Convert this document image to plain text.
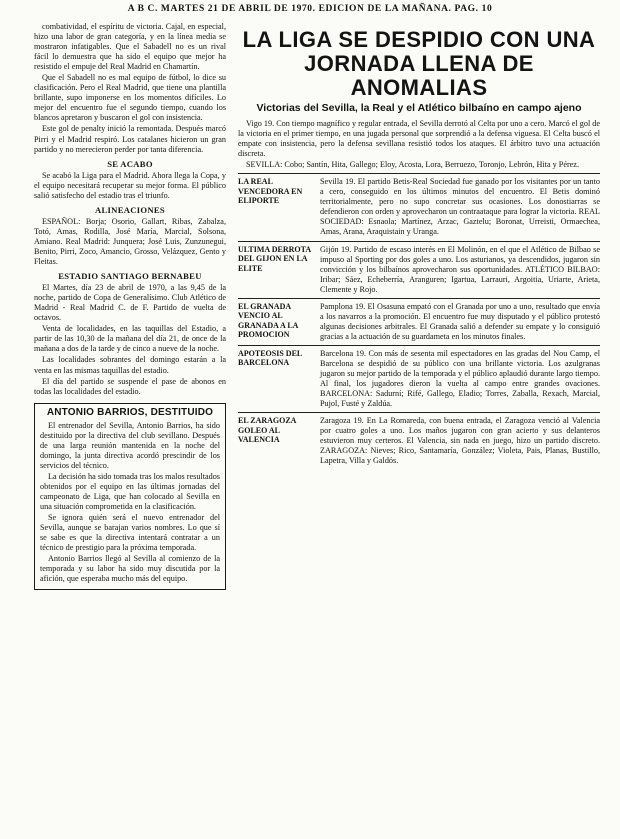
A B C. MARTES 21 DE ABRIL DE 1970. EDICION DE LA MAÑANA. PAG. 10

combatividad, el espíritu de victoria. Cajal, en especial, hizo una labor de gran categoría, y en la línea media se mostraron infatigables. Que el Sabadell no es un rival fácil lo demuestra que ha sido el equipo que mejor ha resistido el empuje del Real Madrid en Chamartín.

Que el Sabadell no es mal equipo de fútbol, lo dice su clasificación. Pero el Real Madrid, que tiene una plantilla brillante, supo imponerse en los momentos difíciles. Lo mejor del encuentro fue el segundo tiempo, cuando los blancos apretaron y buscaron el gol con insistencia.

Este gol de penalty inició la remontada. Después marcó Pirri y el Madrid respiró. Los catalanes hicieron un gran partido y no merecieron perder por tanta diferencia.

SE ACABO

Se acabó la Liga para el Madrid. Ahora llega la Copa, y el equipo necesitará recuperar su mejor forma. El público salió satisfecho del estadio tras el triunfo.

ALINEACIONES

ESPAÑOL: Borja; Osorio, Gallart, Ribas, Zabalza, Totó, Amas, Rodilla, José María, Marcial, Solsona, Amiano. Real Madrid: Junquera; José Luis, Zunzunegui, Benito, Pirri, Zoco, Amancio, Grosso, Velázquez, Gento y Fleitas.

ESTADIO SANTIAGO BERNABEU

El Martes, día 23 de abril de 1970, a las 9,45 de la noche, partido de Copa de Generalísimo. Club Atlético de Madrid - Real Madrid C. de F. Partido de vuelta de octavos.

Venta de localidades, en las taquillas del Estadio, a partir de las 10,30 de la mañana del día 21, de once de la mañana a dos de la tarde y de cinco a nueve de la noche.

Las localidades sobrantes del domingo estarán a la venta en las mismas taquillas del estadio.

El día del partido se suspende el pase de abonos en todas las localidades del estadio.

ANTONIO BARRIOS, DESTITUIDO

El entrenador del Sevilla, Antonio Barrios, ha sido destituido por la directiva del club sevillano. Después de una larga reunión mantenida en la noche del domingo, la junta directiva acordó prescindir de los servicios del técnico.

La decisión ha sido tomada tras los malos resultados obtenidos por el equipo en las últimas jornadas del campeonato de Liga, que han colocado al Sevilla en una situación comprometida en la clasificación.

Se ignora quién será el nuevo entrenador del Sevilla, aunque se barajan varios nombres. Lo que sí se sabe es que la directiva intentará contratar a un técnico de prestigio para la próxima temporada.

Antonio Barrios llegó al Sevilla al comienzo de la temporada y su labor ha sido muy discutida por la afición, que esperaba mucho más del equipo.

LA LIGA SE DESPIDIO CON UNA JORNADA LLENA DE ANOMALIAS
Victorias del Sevilla, la Real y el Atlético bilbaíno en campo ajeno

Vigo 19. Con tiempo magnífico y regular entrada, el Sevilla derrotó al Celta por uno a cero. Marcó el gol de la victoria en el primer tiempo, en una jugada personal que sorprendió a la defensa viguesa. El Celta buscó el empate con insistencia, pero la defensa sevillana resistió todos los ataques. El árbitro tuvo una actuación discreta.

SEVILLA: Cobo; Santín, Hita, Gallego; Eloy, Acosta, Lora, Berruezo, Toronjo, Lebrón, Hita y Pérez.

LA REAL VENCEDORA EN ELIPORTE
Sevilla 19. El partido Betis-Real Sociedad fue ganado por los visitantes por un tanto a cero, conseguido en los últimos minutos del encuentro. El Betis dominó territorialmente, pero no supo concretar sus ocasiones. Los donostiarras se defendieron con orden y aprovecharon un contraataque para lograr la victoria. REAL SOCIEDAD: Esnaola; Martínez, Arzac, Gaztelu; Boronat, Urreisti, Ormaechea, Amas, Arana, Araquistain y Uranga.
ULTIMA DERROTA DEL GIJON EN LA ELITE
Gijón 19. Partido de escaso interés en El Molinón, en el que el Atlético de Bilbao se impuso al Sporting por dos goles a uno. Los asturianos, ya descendidos, jugaron sin convicción y los bilbaínos aprovecharon sus oportunidades. ATLÉTICO BILBAO: Iribar; Sáez, Echeberría, Aranguren; Igartua, Larrauri, Argoitia, Uriarte, Arieta, Clemente y Rojo.
EL GRANADA VENCIO AL GRANADA A LA PROMOCION
Pamplona 19. El Osasuna empató con el Granada por uno a uno, resultado que envía a los navarros a la promoción. El encuentro fue muy disputado y el público protestó algunas decisiones arbitrales. El Granada salió a defender su empate y lo consiguió gracias a la actuación de su guardameta en los minutos finales.
APOTEOSIS DEL BARCELONA
Barcelona 19. Con más de sesenta mil espectadores en las gradas del Nou Camp, el Barcelona se despidió de su público con una brillante victoria. Los azulgranas jugaron su mejor partido de la temporada y el público aplaudió durante largo tiempo. Al final, los jugadores dieron la vuelta al campo entre grandes ovaciones. BARCELONA: Sadurní; Rifé, Gallego, Eladio; Torres, Zaballa, Rexach, Marcial, Pujol, Fusté y Zaldúa.
EL ZARAGOZA GOLEO AL VALENCIA
Zaragoza 19. En La Romareda, con buena entrada, el Zaragoza venció al Valencia por cuatro goles a uno. Los maños jugaron con gran acierto y sus delanteros estuvieron muy certeros. El Valencia, sin nada en juego, hizo un partido discreto. ZARAGOZA: Nieves; Rico, Santamaría, González; Violeta, Pais, Planas, Bustillo, Lapetra, Villa y Galdós.
